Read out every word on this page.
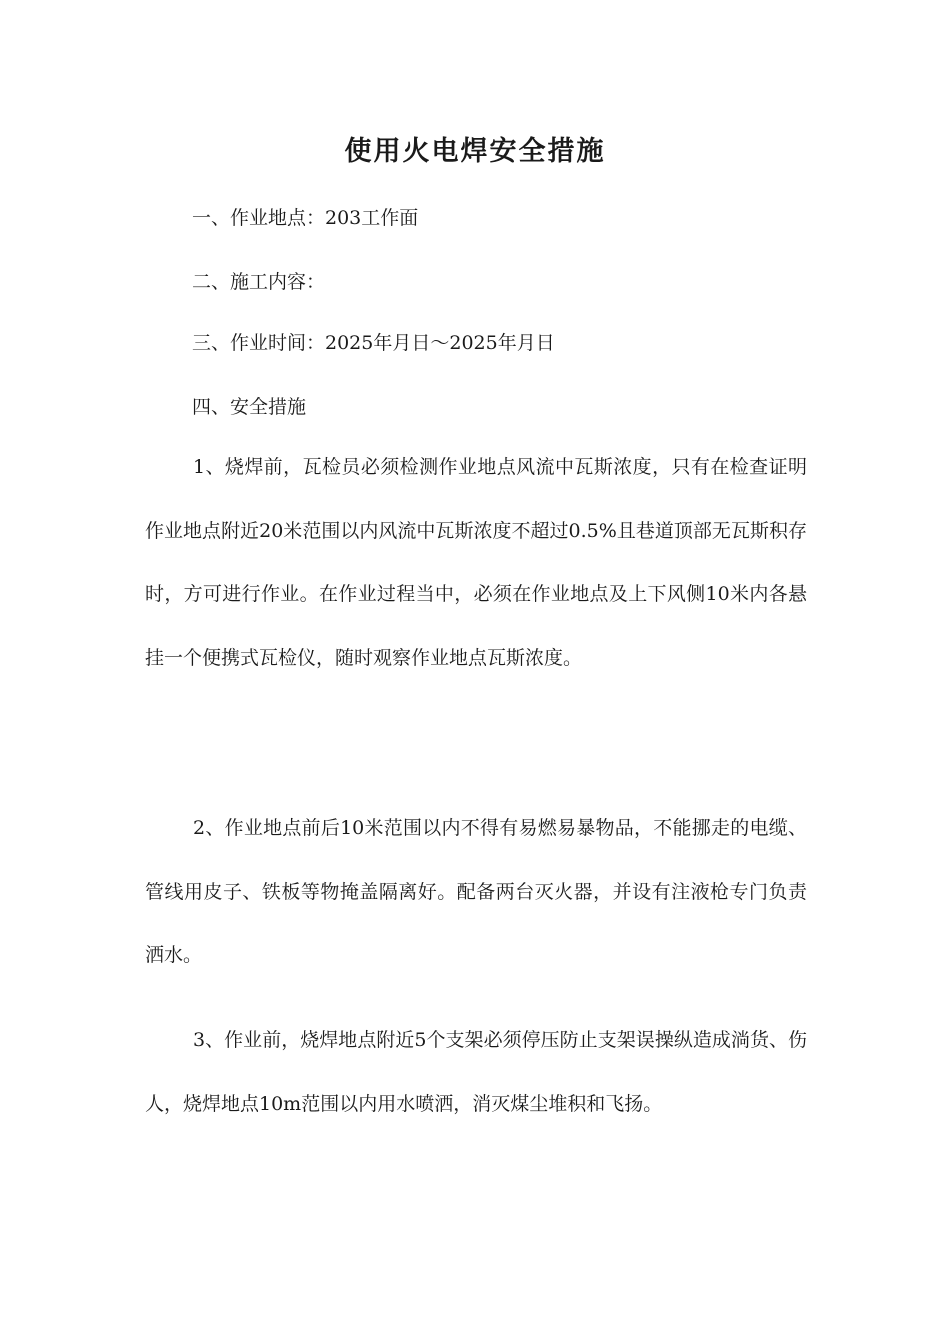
使用火电焊安全措施

一、作业地点：203工作面

二、施工内容：

三、作业时间：2025年月日～2025年月日

四、安全措施

1、烧焊前，瓦检员必须检测作业地点风流中瓦斯浓度，只有在检查证明作业地点附近20米范围以内风流中瓦斯浓度不超过0.5%且巷道顶部无瓦斯积存时，方可进行作业。在作业过程当中，必须在作业地点及上下风侧10米内各悬挂一个便携式瓦检仪，随时观察作业地点瓦斯浓度。

2、作业地点前后10米范围以内不得有易燃易暴物品，不能挪走的电缆、管线用皮子、铁板等物掩盖隔离好。配备两台灭火器，并设有注液枪专门负责洒水。

3、作业前，烧焊地点附近5个支架必须停压防止支架误操纵造成淌货、伤人，烧焊地点10m范围以内用水喷洒，消灭煤尘堆积和飞扬。
